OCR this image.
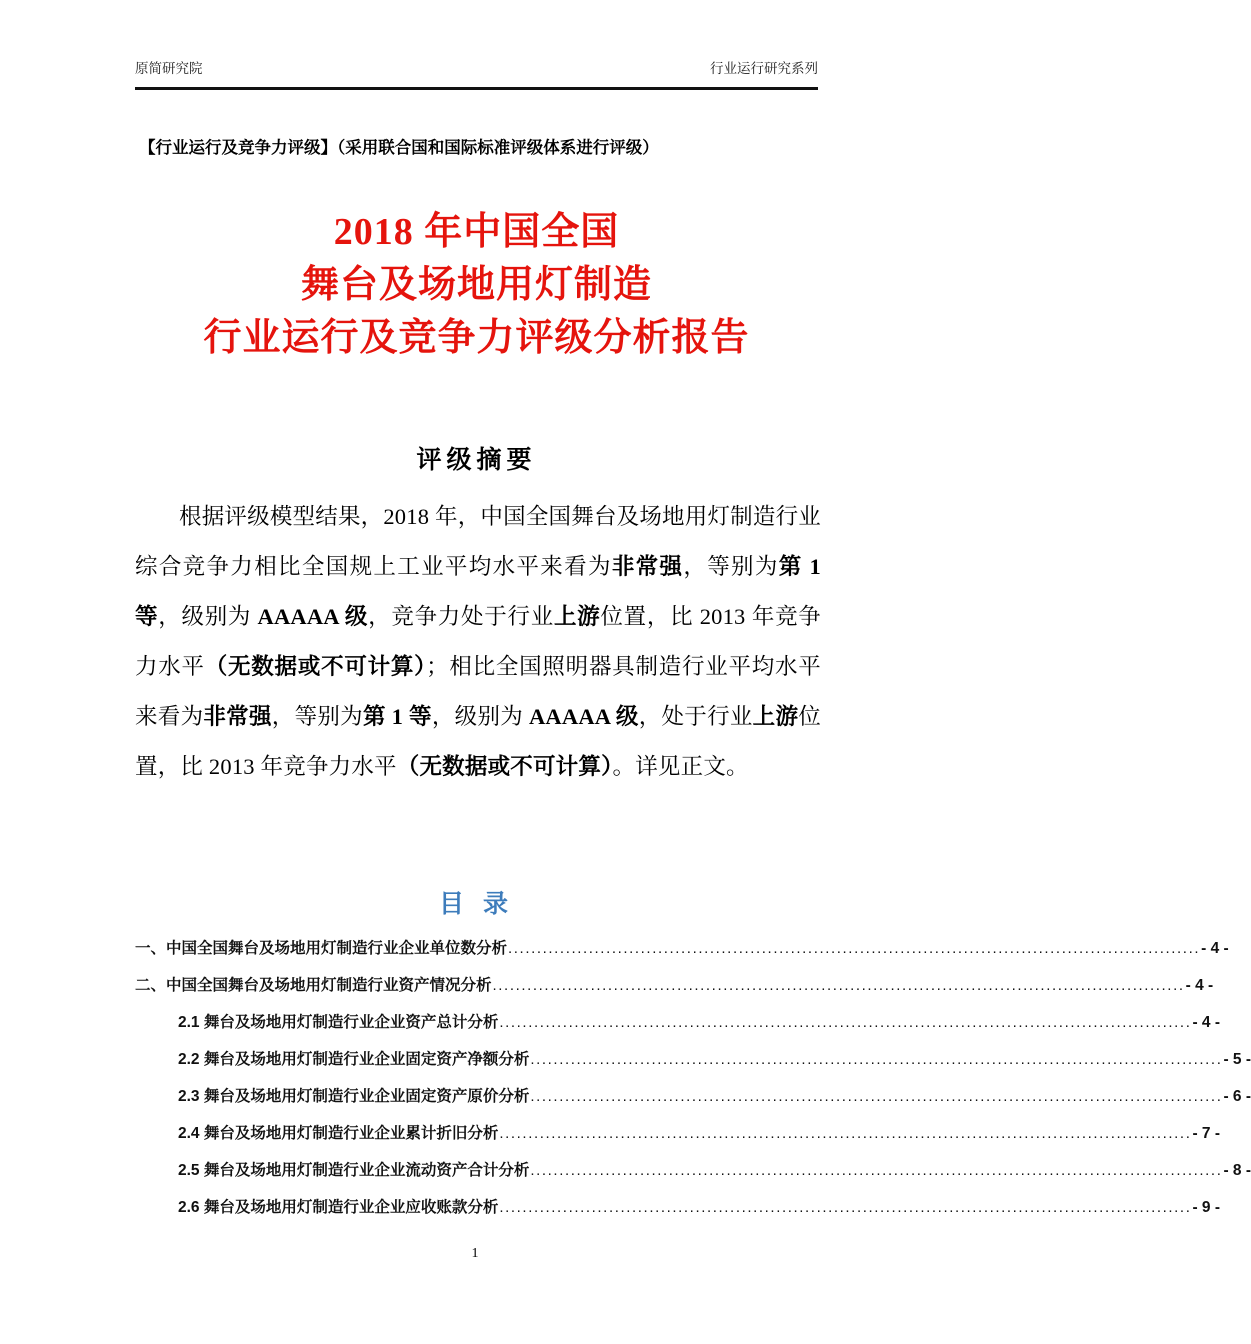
原简研究院	行业运行研究系列
【行业运行及竞争力评级】（采用联合国和国际标准评级体系进行评级）
2018 年中国全国
舞台及场地用灯制造
行业运行及竞争力评级分析报告
评级摘要
根据评级模型结果，2018 年，中国全国舞台及场地用灯制造行业综合竞争力相比全国规上工业平均水平来看为非常强，等别为第 1 等，级别为 AAAAA 级，竞争力处于行业上游位置，比 2013 年竞争力水平（无数据或不可计算）；相比全国照明器具制造行业平均水平来看为非常强，等别为第 1 等，级别为 AAAAA 级，处于行业上游位置，比 2013 年竞争力水平（无数据或不可计算）。详见正文。
目 录
一、中国全国舞台及场地用灯制造行业企业单位数分析 ........................................................................................................................ - 4 -
二、中国全国舞台及场地用灯制造行业资产情况分析 ........................................................................................................................ - 4 -
2.1 舞台及场地用灯制造行业企业资产总计分析 ........................................................................................................................ - 4 -
2.2 舞台及场地用灯制造行业企业固定资产净额分析 ........................................................................................................................ - 5 -
2.3 舞台及场地用灯制造行业企业固定资产原价分析 ........................................................................................................................ - 6 -
2.4 舞台及场地用灯制造行业企业累计折旧分析 ........................................................................................................................ - 7 -
2.5 舞台及场地用灯制造行业企业流动资产合计分析 ........................................................................................................................ - 8 -
2.6 舞台及场地用灯制造行业企业应收账款分析 ........................................................................................................................ - 9 -
1
